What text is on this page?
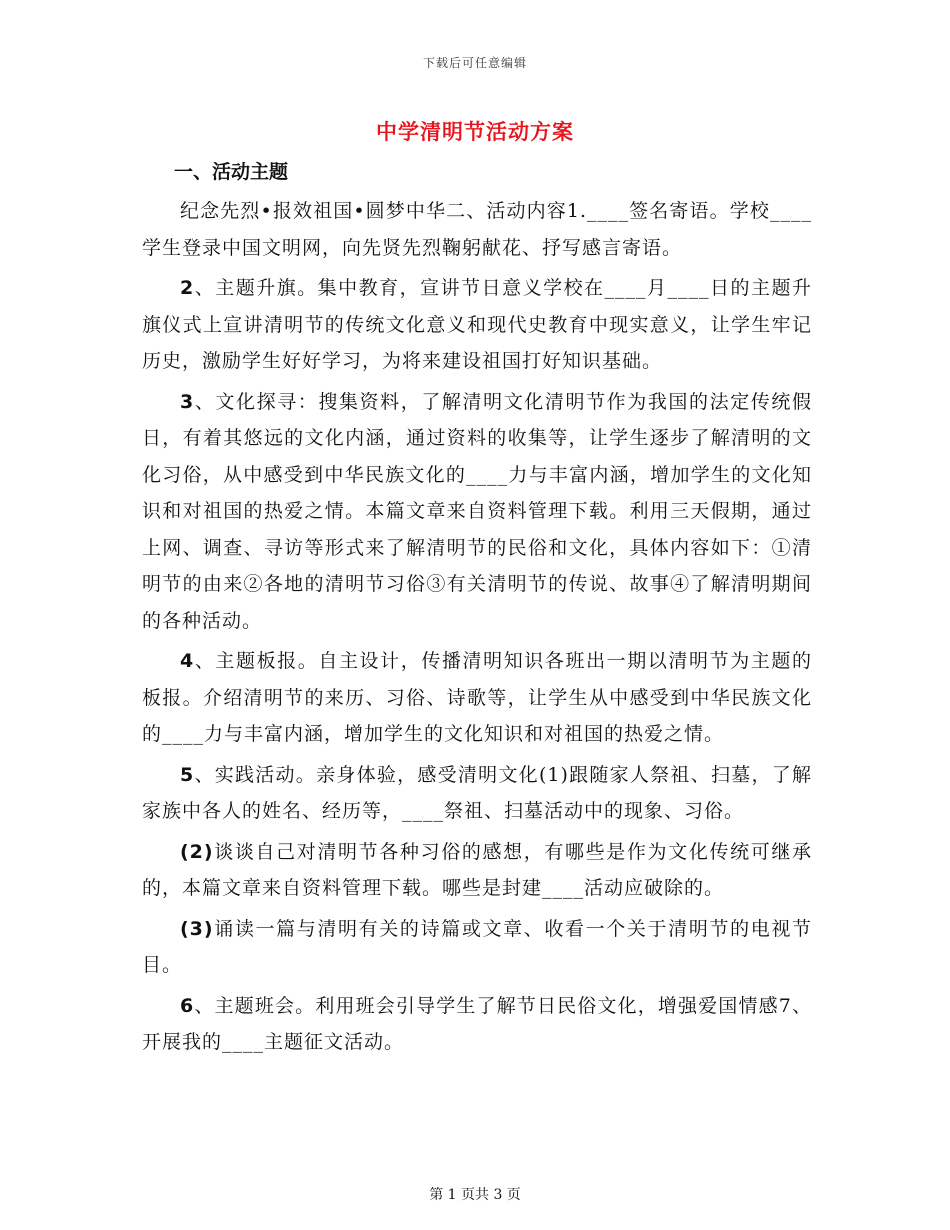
下载后可任意编辑
中学清明节活动方案
一、活动主题

纪念先烈•报效祖国•圆梦中华二、活动内容1.____签名寄语。学校____学生登录中国文明网，向先贤先烈鞠躬献花、抒写感言寄语。

2、主题升旗。集中教育，宣讲节日意义学校在____月____日的主题升旗仪式上宣讲清明节的传统文化意义和现代史教育中现实意义，让学生牢记历史，激励学生好好学习，为将来建设祖国打好知识基础。

3、文化探寻：搜集资料，了解清明文化清明节作为我国的法定传统假日，有着其悠远的文化内涵，通过资料的收集等，让学生逐步了解清明的文化习俗，从中感受到中华民族文化的____力与丰富内涵，增加学生的文化知识和对祖国的热爱之情。本篇文章来自资料管理下载。利用三天假期，通过上网、调查、寻访等形式来了解清明节的民俗和文化，具体内容如下：①清明节的由来②各地的清明节习俗③有关清明节的传说、故事④了解清明期间的各种活动。

4、主题板报。自主设计，传播清明知识各班出一期以清明节为主题的板报。介绍清明节的来历、习俗、诗歌等，让学生从中感受到中华民族文化的____力与丰富内涵，增加学生的文化知识和对祖国的热爱之情。

5、实践活动。亲身体验，感受清明文化(1)跟随家人祭祖、扫墓，了解家族中各人的姓名、经历等，____祭祖、扫墓活动中的现象、习俗。

(2)谈谈自己对清明节各种习俗的感想，有哪些是作为文化传统可继承的，本篇文章来自资料管理下载。哪些是封建____活动应破除的。

(3)诵读一篇与清明有关的诗篇或文章、收看一个关于清明节的电视节目。

6、主题班会。利用班会引导学生了解节日民俗文化，增强爱国情感7、开展我的____主题征文活动。

第 1 页共 3 页
